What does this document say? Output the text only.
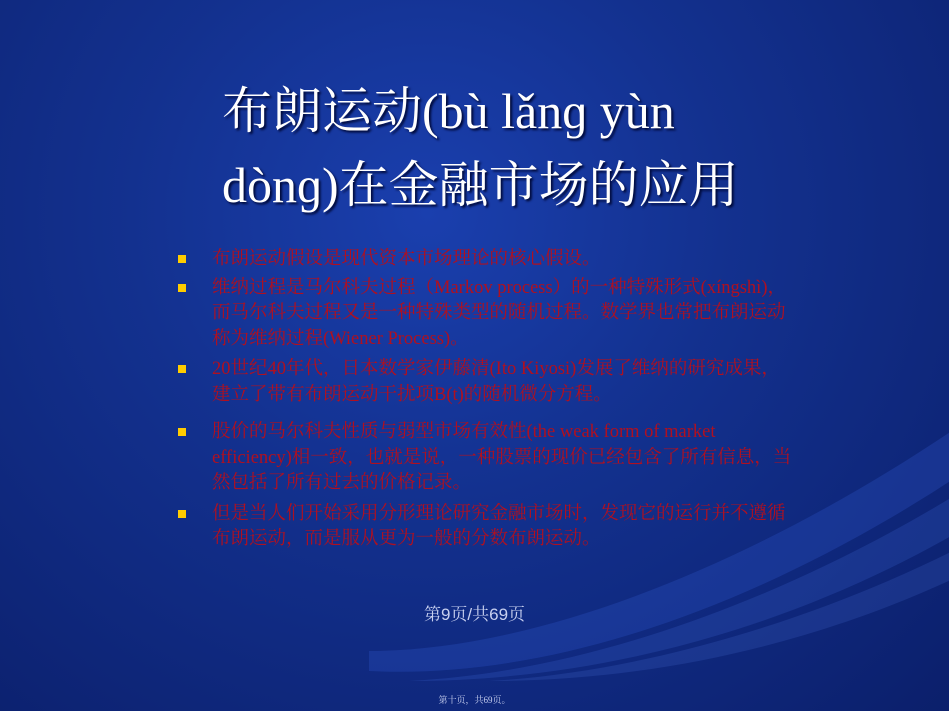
布朗运动(bù lǎnɡ yùn dònɡ)在金融市场的应用
布朗运动假设是现代资本市场理论的核心假设。
维纳过程是马尔科夫过程（Markov process）的一种特殊形式(xíngshì)，而马尔科夫过程又是一种特殊类型的随机过程。数学界也常把布朗运动称为维纳过程(Wiener Process)。
20世纪40年代，日本数学家伊藤清(Ito Kiyosi)发展了维纳的研究成果，建立了带有布朗运动干扰项B(t)的随机微分方程。
股价的马尔科夫性质与弱型市场有效性(the weak form of market efficiency)相一致，也就是说，一种股票的现价已经包含了所有信息，当然包括了所有过去的价格记录。
但是当人们开始采用分形理论研究金融市场时，发现它的运行并不遵循布朗运动，而是服从更为一般的分数布朗运动。
第9页/共69页
第十页，共69页。
